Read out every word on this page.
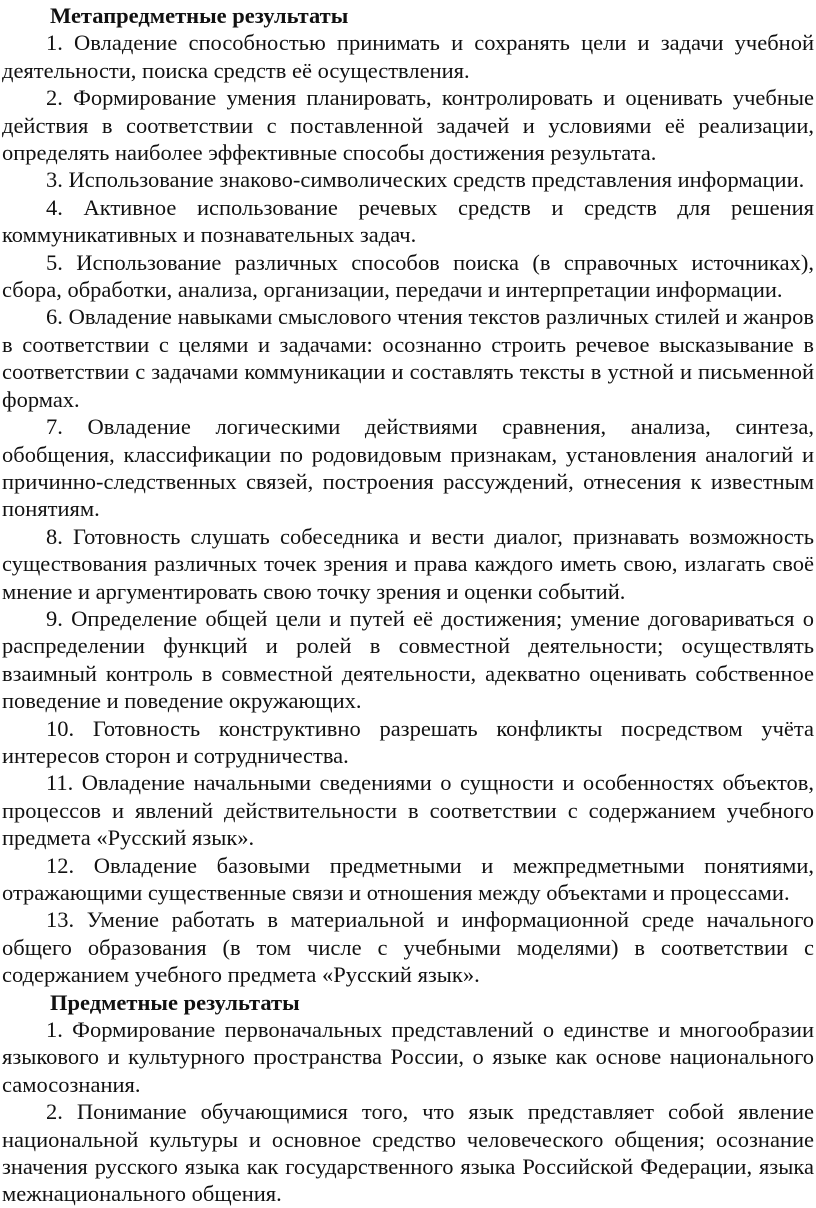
Метапредметные результаты

1. Овладение способностью принимать и сохранять цели и задачи учебной деятельности, поиска средств её осуществления.

2. Формирование умения планировать, контролировать и оценивать учебные действия в соответствии с поставленной задачей и условиями её реализации, определять наиболее эффективные способы достижения результата.

3. Использование знаково-символических средств представления информации.

4. Активное использование речевых средств и средств для решения коммуникативных и познавательных задач.

5. Использование различных способов поиска (в справочных источниках), сбора, обработки, анализа, организации, передачи и интерпретации информации.

6. Овладение навыками смыслового чтения текстов различных стилей и жанров в соответствии с целями и задачами: осознанно строить речевое высказывание в соответствии с задачами коммуникации и составлять тексты в устной и письменной формах.

7. Овладение логическими действиями сравнения, анализа, синтеза, обобщения, классификации по родовидовым признакам, установления аналогий и причинно-следственных связей, построения рассуждений, отнесения к известным понятиям.

8. Готовность слушать собеседника и вести диалог, признавать возможность существования различных точек зрения и права каждого иметь свою, излагать своё мнение и аргументировать свою точку зрения и оценки событий.

9. Определение общей цели и путей её достижения; умение договариваться о распределении функций и ролей в совместной деятельности; осуществлять взаимный контроль в совместной деятельности, адекватно оценивать собственное поведение и поведение окружающих.

10. Готовность конструктивно разрешать конфликты посредством учёта интересов сторон и сотрудничества.

11. Овладение начальными сведениями о сущности и особенностях объектов, процессов и явлений действительности в соответствии с содержанием учебного предмета «Русский язык».

12. Овладение базовыми предметными и межпредметными понятиями, отражающими существенные связи и отношения между объектами и процессами.

13. Умение работать в материальной и информационной среде начального общего образования (в том числе с учебными моделями) в соответствии с содержанием учебного предмета «Русский язык».

Предметные результаты

1. Формирование первоначальных представлений о единстве и многообразии языкового и культурного пространства России, о языке как основе национального самосознания.

2. Понимание обучающимися того, что язык представляет собой явление национальной культуры и основное средство человеческого общения; осознание значения русского языка как государственного языка Российской Федерации, языка межнационального общения.
